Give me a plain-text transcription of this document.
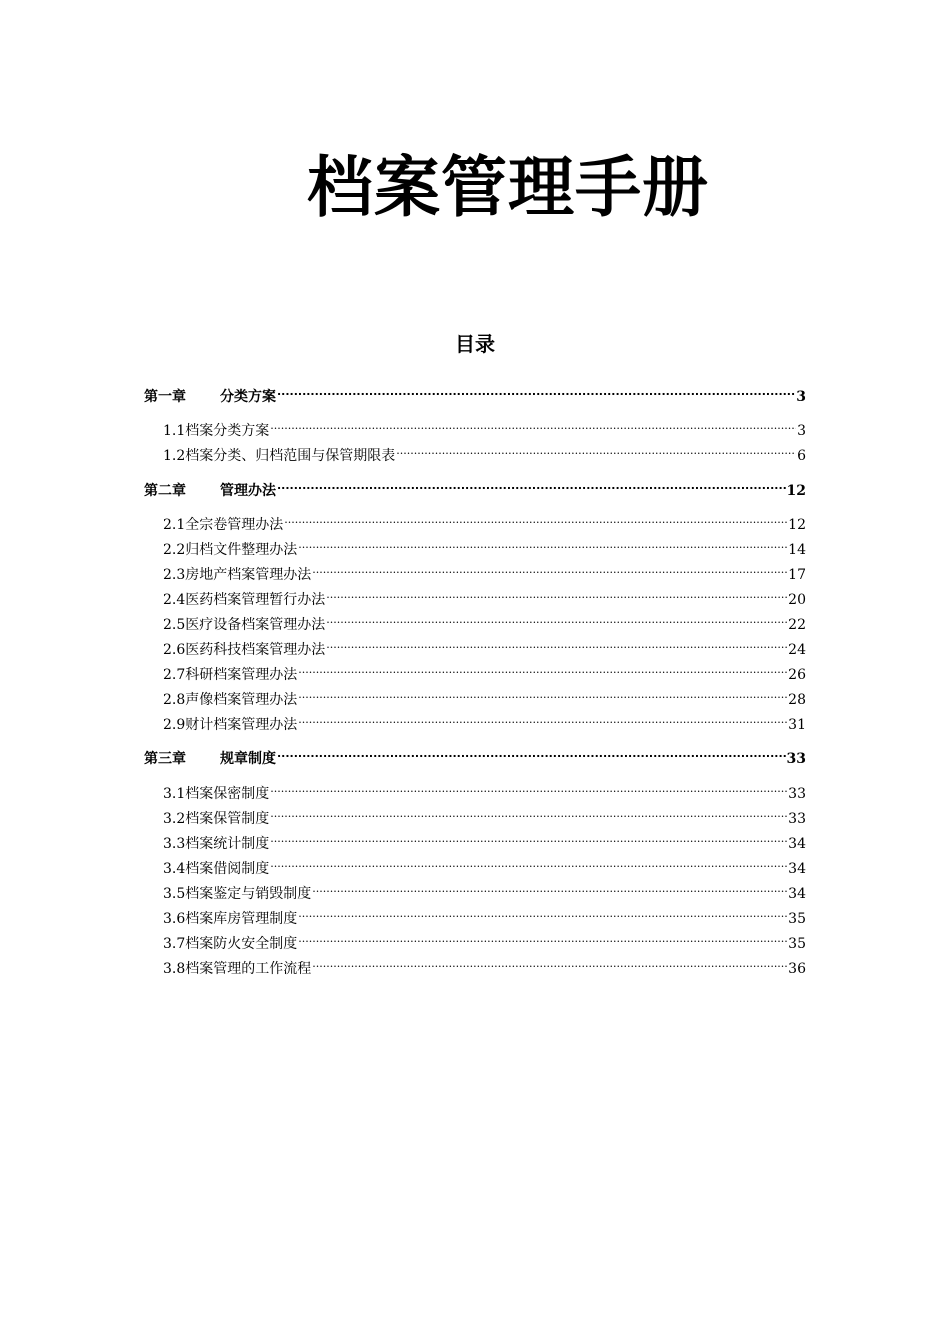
档案管理手册
目录
第一章	分类方案 .....	3
1.1 档案分类方案 .....	3
1.2 档案分类、归档范围与保管期限表 .....	6
第二章	管理办法 .....	12
2.1 全宗卷管理办法 .....	12
2.2 归档文件整理办法 .....	14
2.3 房地产档案管理办法 .....	17
2.4 医药档案管理暂行办法 .....	20
2.5 医疗设备档案管理办法 .....	22
2.6 医药科技档案管理办法 .....	24
2.7 科研档案管理办法 .....	26
2.8 声像档案管理办法 .....	28
2.9 财计档案管理办法 .....	31
第三章	规章制度 .....	33
3.1 档案保密制度 .....	33
3.2 档案保管制度 .....	33
3.3 档案统计制度 .....	34
3.4 档案借阅制度 .....	34
3.5 档案鉴定与销毁制度 .....	34
3.6 档案库房管理制度 .....	35
3.7 档案防火安全制度 .....	35
3.8 档案管理的工作流程 .....	36
